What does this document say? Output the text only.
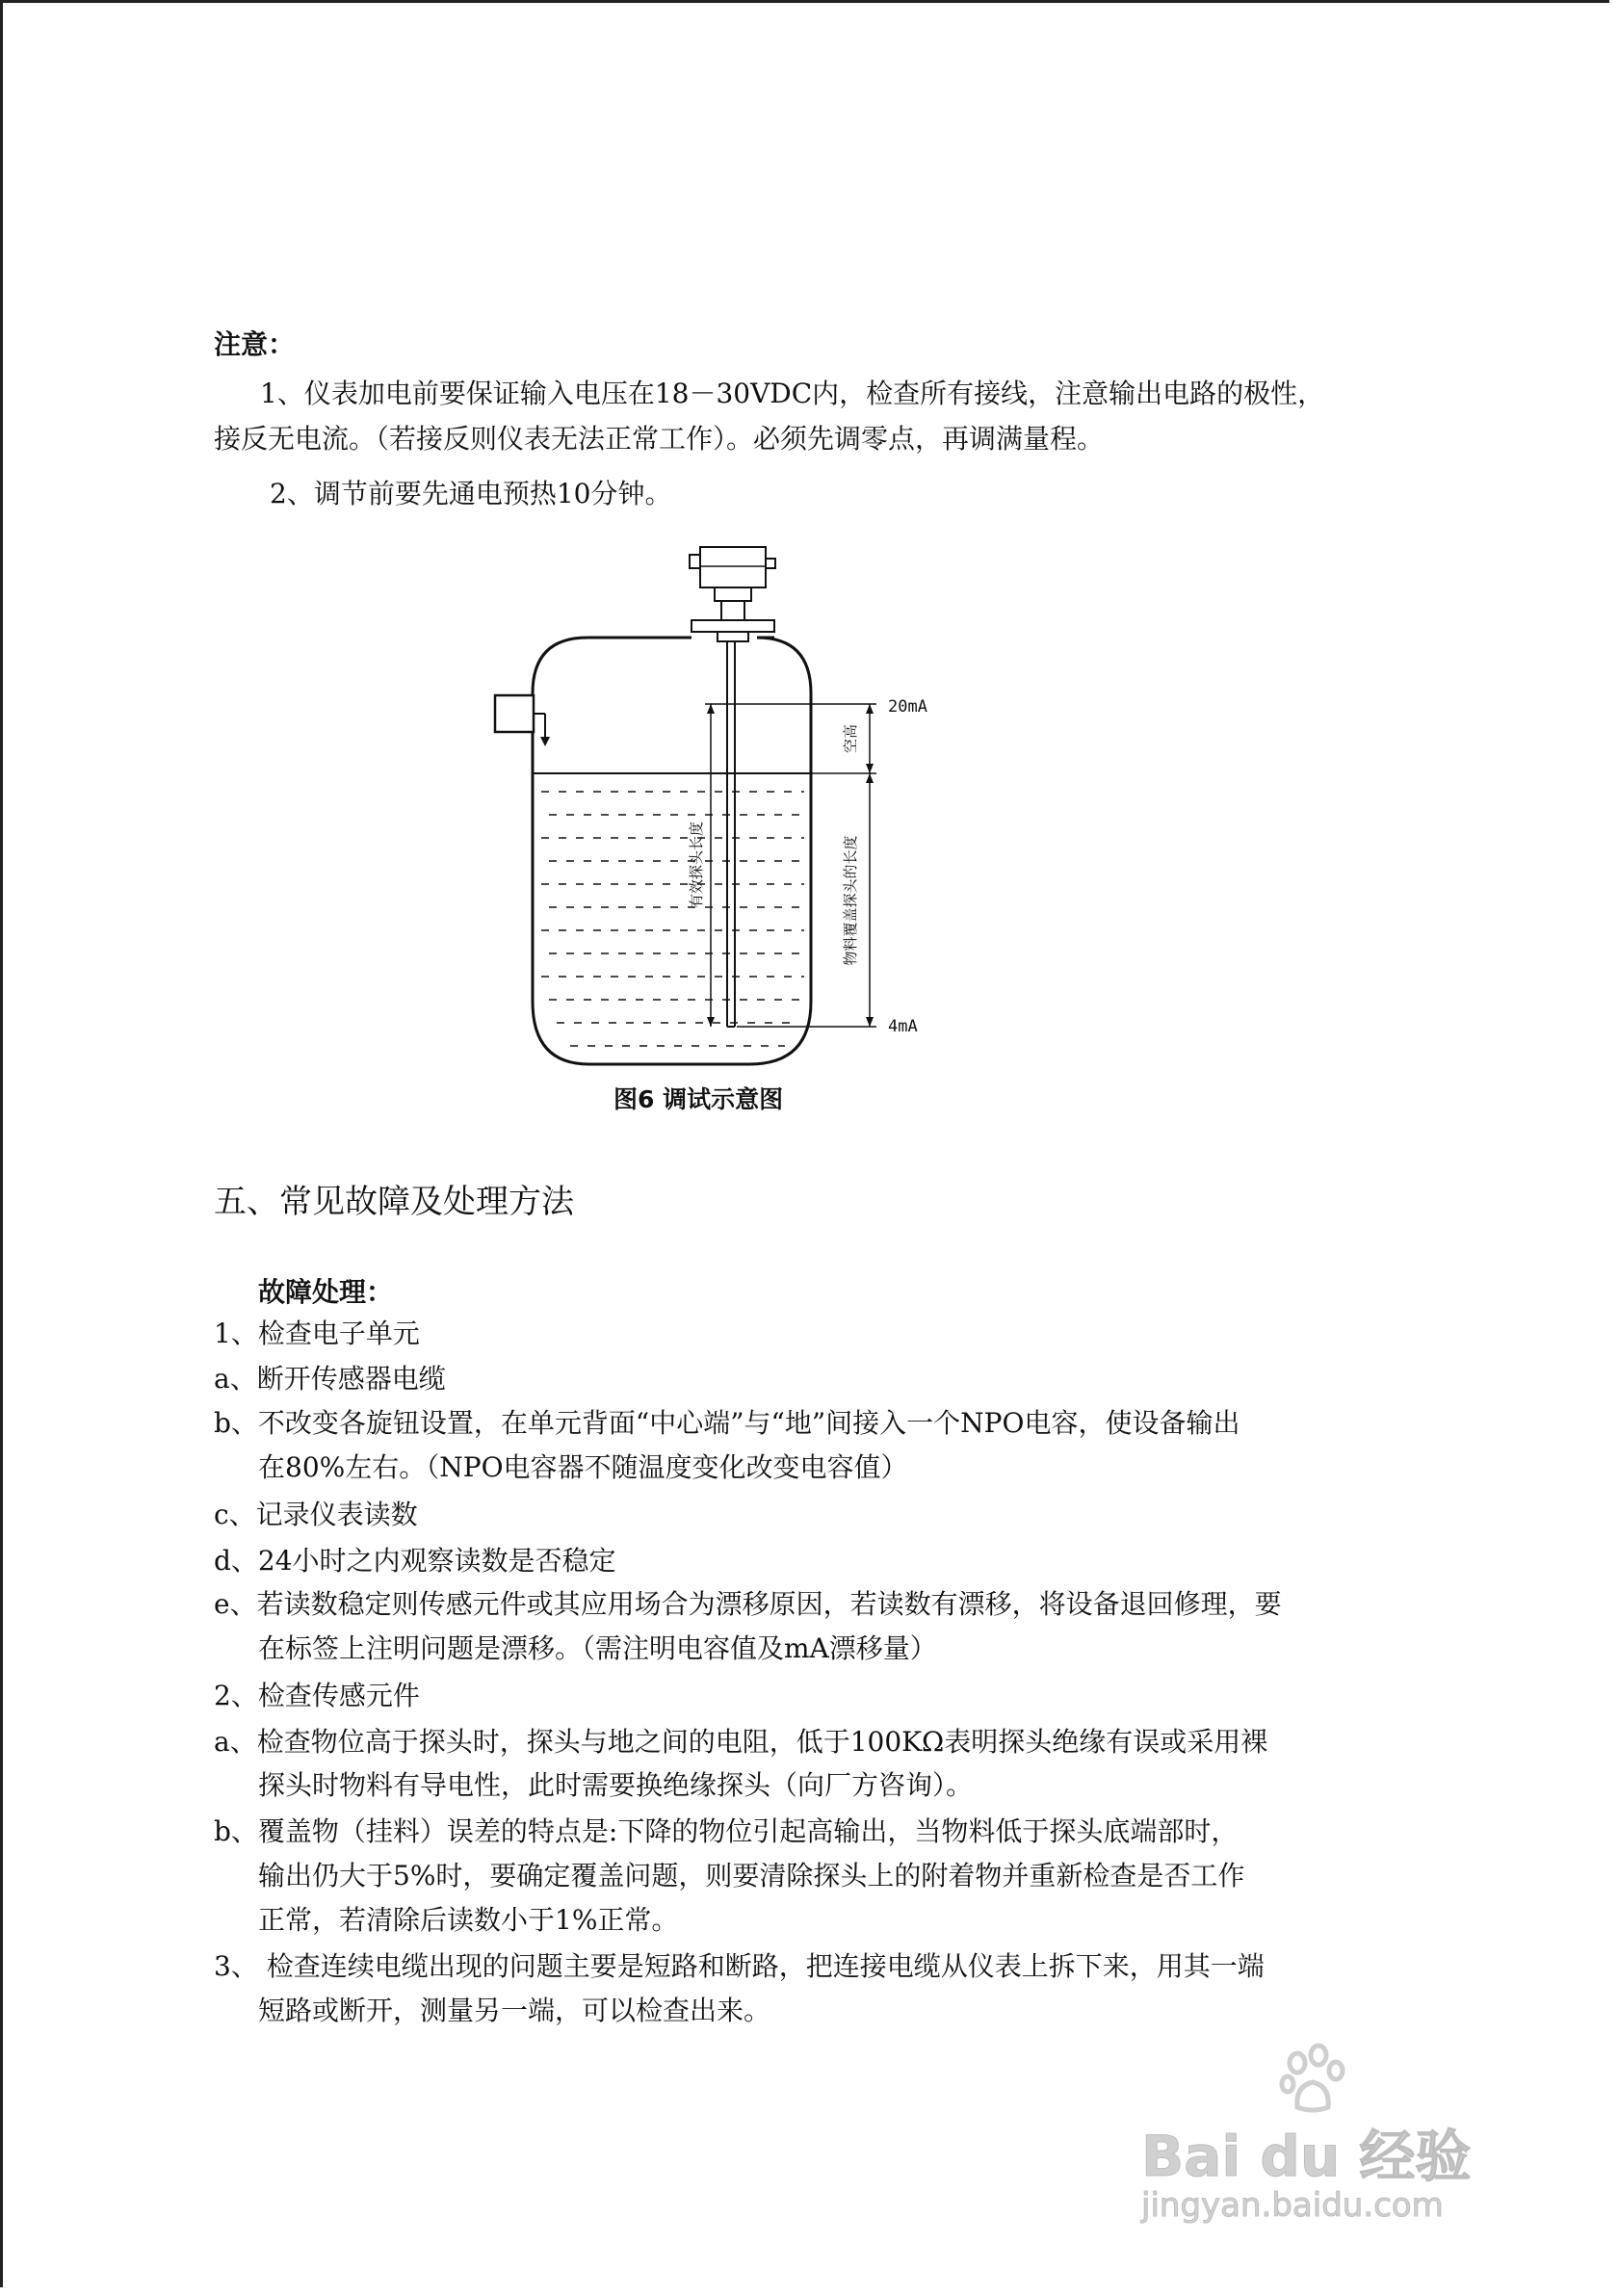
注意：
1、仪表加电前要保证输入电压在18－30VDC内，检查所有接线，注意输出电路的极性，
接反无电流。（若接反则仪表无法正常工作）。必须先调零点，再调满量程。
2、调节前要先通电预热10分钟。
20mA
4mA
空高
有效探头长度	物料覆盖探头的长度
图6 调试示意图
五、常见故障及处理方法
故障处理：
1、检查电子单元
a、断开传感器电缆
b、不改变各旋钮设置，在单元背面“中心端”与“地”间接入一个NPO电容，使设备输出
在80%左右。（NPO电容器不随温度变化改变电容值）
c、记录仪表读数
d、24小时之内观察读数是否稳定
e、若读数稳定则传感元件或其应用场合为漂移原因，若读数有漂移，将设备退回修理，要
在标签上注明问题是漂移。（需注明电容值及mA漂移量）
2、检查传感元件
a、检查物位高于探头时，探头与地之间的电阻，低于100KΩ表明探头绝缘有误或采用裸
探头时物料有导电性，此时需要换绝缘探头（向厂方咨询）。
b、覆盖物（挂料）误差的特点是:下降的物位引起高输出，当物料低于探头底端部时，
输出仍大于5%时，要确定覆盖问题，则要清除探头上的附着物并重新检查是否工作
正常，若清除后读数小于1%正常。
3、 检查连续电缆出现的问题主要是短路和断路，把连接电缆从仪表上拆下来，用其一端
短路或断开，测量另一端，可以检查出来。
Bai du 经验
jingyan.baidu.com
